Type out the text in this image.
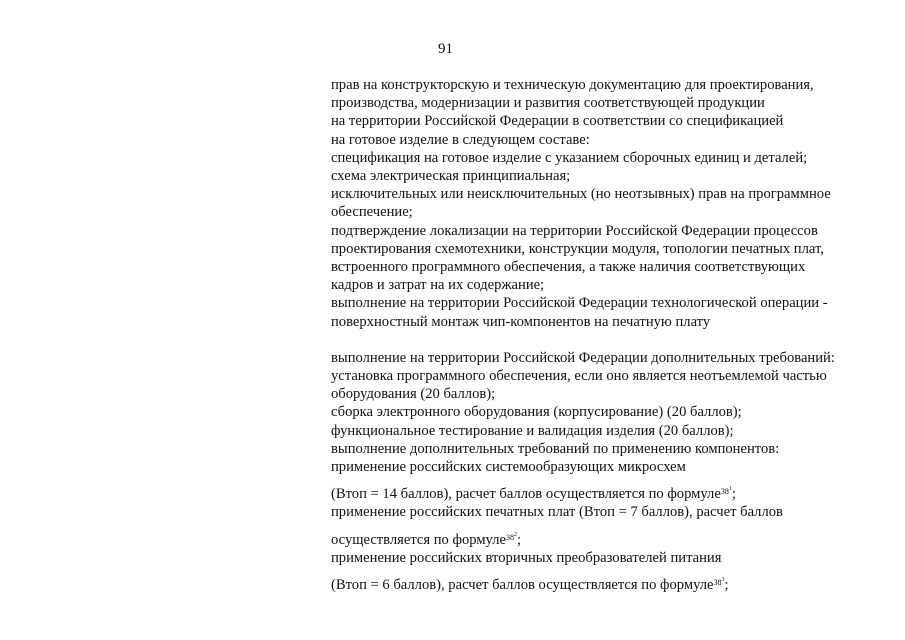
91
прав на конструкторскую и техническую документацию для проектирования,
производства, модернизации и развития соответствующей продукции
на территории Российской Федерации в соответствии со спецификацией
на готовое изделие в следующем составе:
спецификация на готовое изделие с указанием сборочных единиц и деталей;
схема электрическая принципиальная;
исключительных или неисключительных (но неотзывных) прав на программное
обеспечение;
подтверждение локализации на территории Российской Федерации процессов
проектирования схемотехники, конструкции модуля, топологии печатных плат,
встроенного программного обеспечения, а также наличия соответствующих
кадров и затрат на их содержание;
выполнение на территории Российской Федерации технологической операции -
поверхностный монтаж чип-компонентов на печатную плату
выполнение на территории Российской Федерации дополнительных требований:
установка программного обеспечения, если оно является неотъемлемой частью
оборудования (20 баллов);
сборка электронного оборудования (корпусирование) (20 баллов);
функциональное тестирование и валидация изделия (20 баллов);
выполнение дополнительных требований по применению компонентов:
применение российских системообразующих микросхем
(Втоп = 14 баллов), расчет баллов осуществляется по формуле$^{38^1}$;
применение российских печатных плат (Втоп = 7 баллов), расчет баллов
осуществляется по формуле$^{38^2}$;
применение российских вторичных преобразователей питания
(Втоп = 6 баллов), расчет баллов осуществляется по формуле$^{38^3}$;
